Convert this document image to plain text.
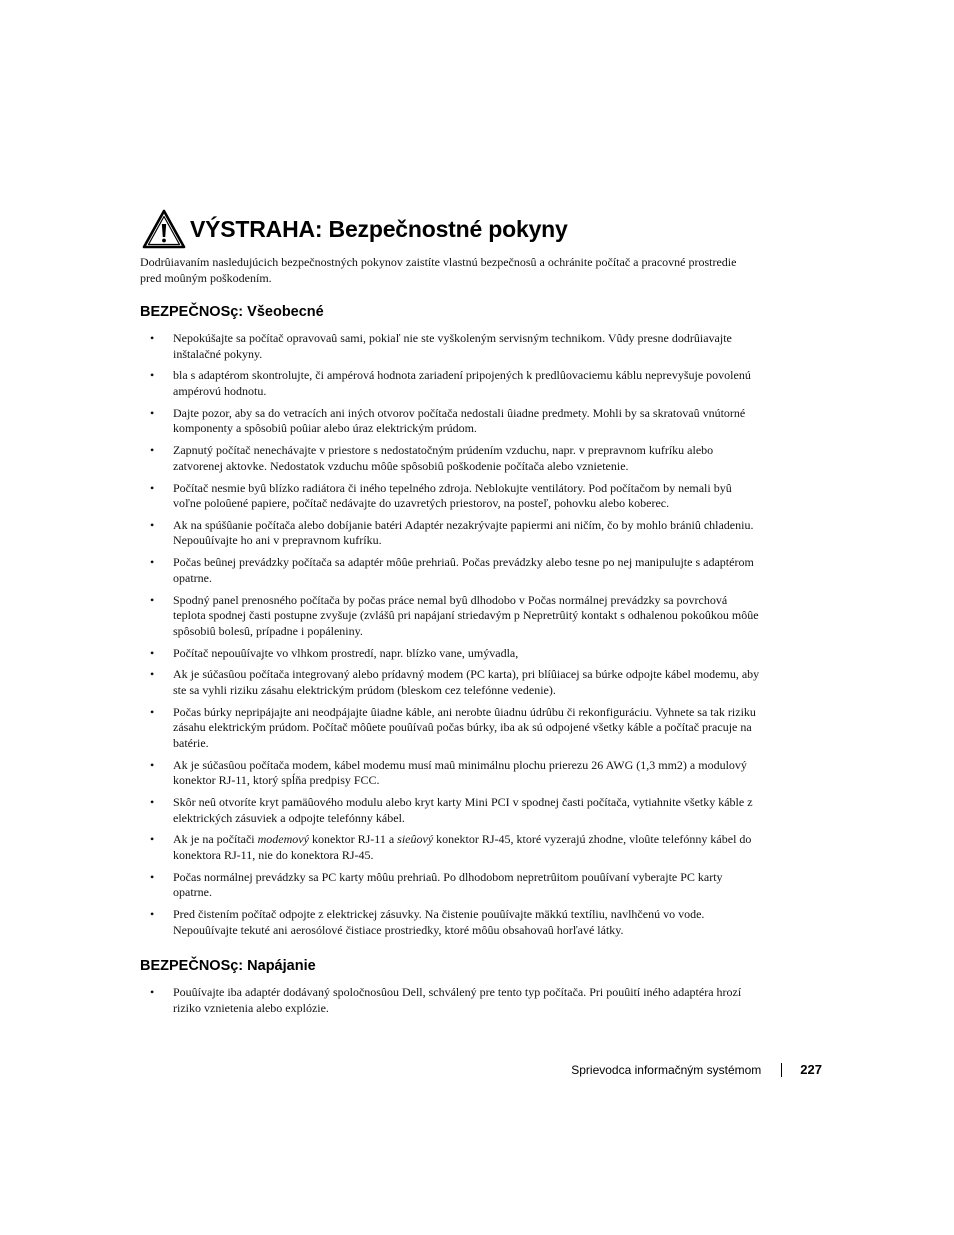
VÝSTRAHA: Bezpečnostné pokyny
Dodrûiavaním nasledujúcich bezpečnostných pokynov zaistíte vlastnú bezpečnosû a ochránite počítač a pracovné prostredie pred moûným poškodením.
BEZPEČNOSç: Všeobecné
• Nepokúšajte sa počítač opravovaû sami, pokiaľ nie ste vyškoleným servisným technikom. Vûdy presne dodrûiavajte inštalačné pokyny.
• bla s adaptérom skontrolujte, či ampérová hodnota zariadení pripojených k predlûovaciemu káblu neprevyšuje povolenú ampérovú hodnotu.
• Dajte pozor, aby sa do vetracích ani iných otvorov počítača nedostali ûiadne predmety. Mohli by sa skratovaû vnútorné komponenty a spôsobiû poûiar alebo úraz elektrickým prúdom.
• Zapnutý počítač nenechávajte v priestore s nedostatočným prúdením vzduchu, napr. v prepravnom kufríku alebo zatvorenej aktovke. Nedostatok vzduchu môûe spôsobiû poškodenie počítača alebo vznietenie.
• Počítač nesmie byû blízko radiátora či iného tepelného zdroja. Neblokujte ventilátory. Pod počítačom by nemali byû voľne poloûené papiere, počítač nedávajte do uzavretých priestorov, na posteľ, pohovku alebo koberec.
• Ak na spúšûanie počítača alebo dobíjanie batéri Adaptér nezakrývajte papiermi ani ničím, čo by mohlo brániû chladeniu. Nepouûívajte ho ani v prepravnom kufríku.
• Počas beûnej prevádzky počítača sa adaptér môûe prehriaû. Počas prevádzky alebo tesne po nej manipulujte s adaptérom opatrne.
• Spodný panel prenosného počítača by počas práce nemal byû dlhodobo v Počas normálnej prevádzky sa povrchová teplota spodnej časti postupne zvyšuje (zvlášû pri napájaní striedavým p Nepretrûitý kontakt s odhalenou pokoûkou môûe spôsobiû bolesû, prípadne i popáleniny.
• Počítač nepouûívajte vo vlhkom prostredí, napr. blízko vane, umývadla,
• Ak je súčasûou počítača integrovaný alebo prídavný modem (PC karta), pri blíûiacej sa búrke odpojte kábel modemu, aby ste sa vyhli riziku zásahu elektrickým prúdom (bleskom cez telefónne vedenie).
• Počas búrky nepripájajte ani neodpájajte ûiadne káble, ani nerobte ûiadnu údrûbu či rekonfiguráciu. Vyhnete sa tak riziku zásahu elektrickým prúdom. Počítač môûete pouûívaû počas búrky, iba ak sú odpojené všetky káble a počítač pracuje na batérie.
• Ak je súčasûou počítača modem, kábel modemu musí maû minimálnu plochu prierezu 26 AWG (1,3 mm2) a modulový konektor RJ-11, ktorý spĺňa predpisy FCC.
• Skôr neû otvoríte kryt pamäûového modulu alebo kryt karty Mini PCI v spodnej časti počítača, vytiahnite všetky káble z elektrických zásuviek a odpojte telefónny kábel.
• Ak je na počítači modemový konektor RJ-11 a sieûový konektor RJ-45, ktoré vyzerajú zhodne, vloûte telefónny kábel do konektora RJ-11, nie do konektora RJ-45.
• Počas normálnej prevádzky sa PC karty môûu prehriaû. Po dlhodobom nepretrûitom pouûívaní vyberajte PC karty opatrne.
• Pred čistením počítač odpojte z elektrickej zásuvky. Na čistenie pouûívajte mäkkú textíliu, navlhčenú vo vode. Nepouûívajte tekuté ani aerosólové čistiace prostriedky, ktoré môûu obsahovaû horľavé látky.
BEZPEČNOSç: Napájanie
• Pouûívajte iba adaptér dodávaný spoločnosûou Dell, schválený pre tento typ počítača. Pri pouûití iného adaptéra hrozí riziko vznietenia alebo explózie.
Sprievodca informačným systémom	227
